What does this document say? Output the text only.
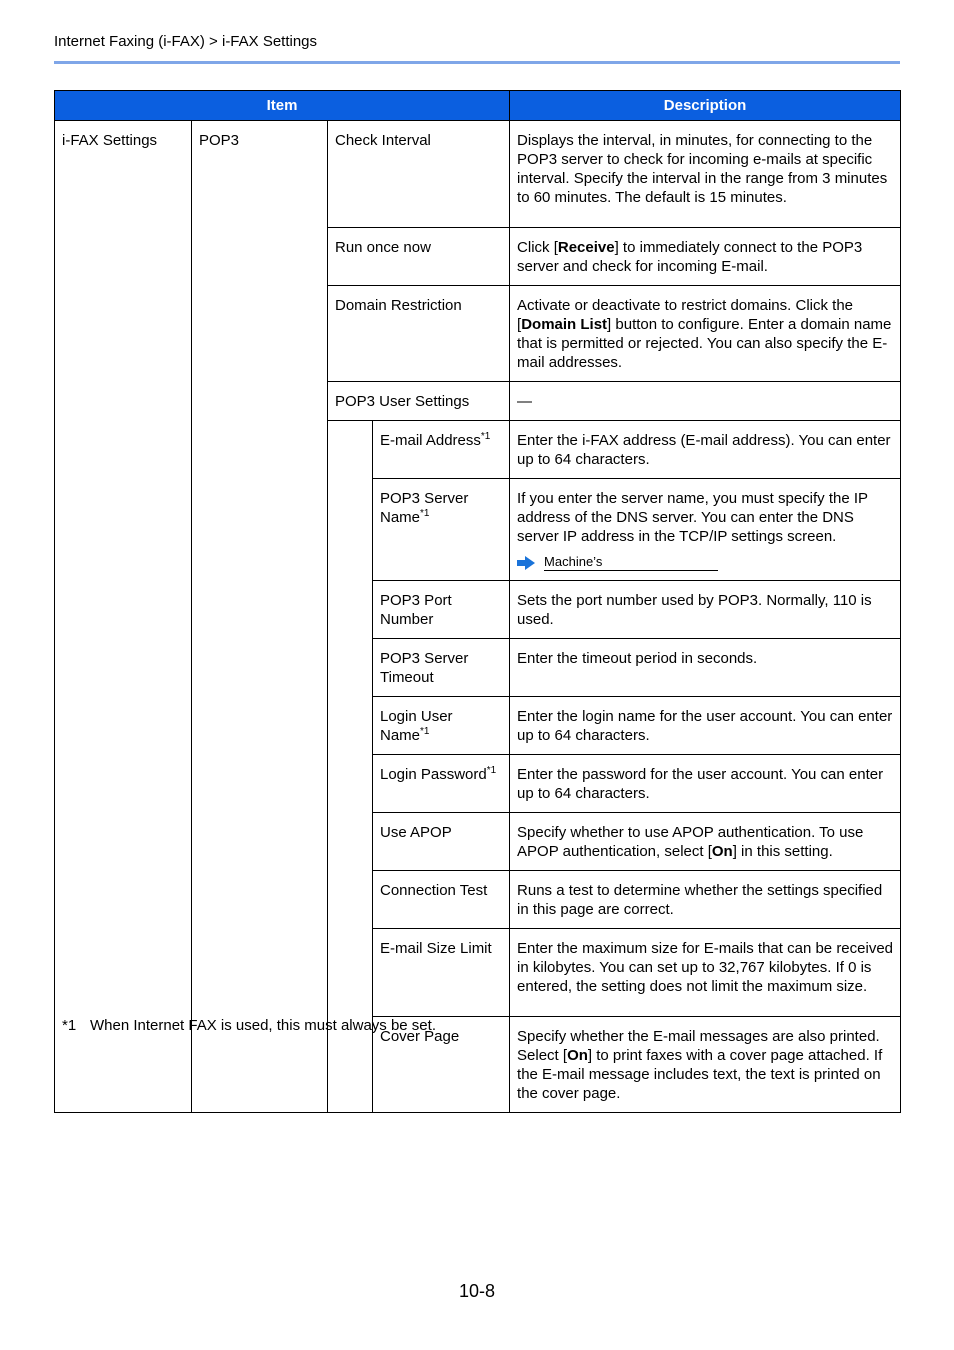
Internet Faxing (i-FAX) > i-FAX Settings
Item				Description
i-FAX Settings	POP3	Check Interval		Displays the interval, in minutes, for connecting to the POP3 server to check for incoming e-mails at specific interval. Specify the interval in the range from 3 minutes to 60 minutes. The default is 15 minutes.
		Run once now		Click [Receive] to immediately connect to the POP3 server and check for incoming E-mail.
		Domain Restriction		Activate or deactivate to restrict domains. Click the [Domain List] button to configure. Enter a domain name that is permitted or rejected. You can also specify the E-mail addresses.
		POP3 User Settings		—
			E-mail Address$^{*1}$	Enter the i-FAX address (E-mail address). You can enter up to 64 characters.
			POP3 Server Name$^{*1}$	If you enter the server name, you must specify the IP address of the DNS server. You can enter the DNS server IP address in the TCP/IP settings screen.
Machine’s

			POP3 Port Number	Sets the port number used by POP3. Normally, 110 is used.
			POP3 Server Timeout	Enter the timeout period in seconds.
			Login User Name$^{*1}$	Enter the login name for the user account. You can enter up to 64 characters.
			Login Password$^{*1}$	Enter the password for the user account. You can enter up to 64 characters.
			Use APOP	Specify whether to use APOP authentication. To use APOP authentication, select [On] in this setting.
			Connection Test	Runs a test to determine whether the settings specified in this page are correct.
			E-mail Size Limit	Enter the maximum size for E-mails that can be received in kilobytes. You can set up to 32,767 kilobytes. If 0 is entered, the setting does not limit the maximum size.
			Cover Page	Specify whether the E-mail messages are also printed. Select [On] to print faxes with a cover page attached. If the E-mail message includes text, the text is printed on the cover page.
*1 When Internet FAX is used, this must always be set.
10-8
